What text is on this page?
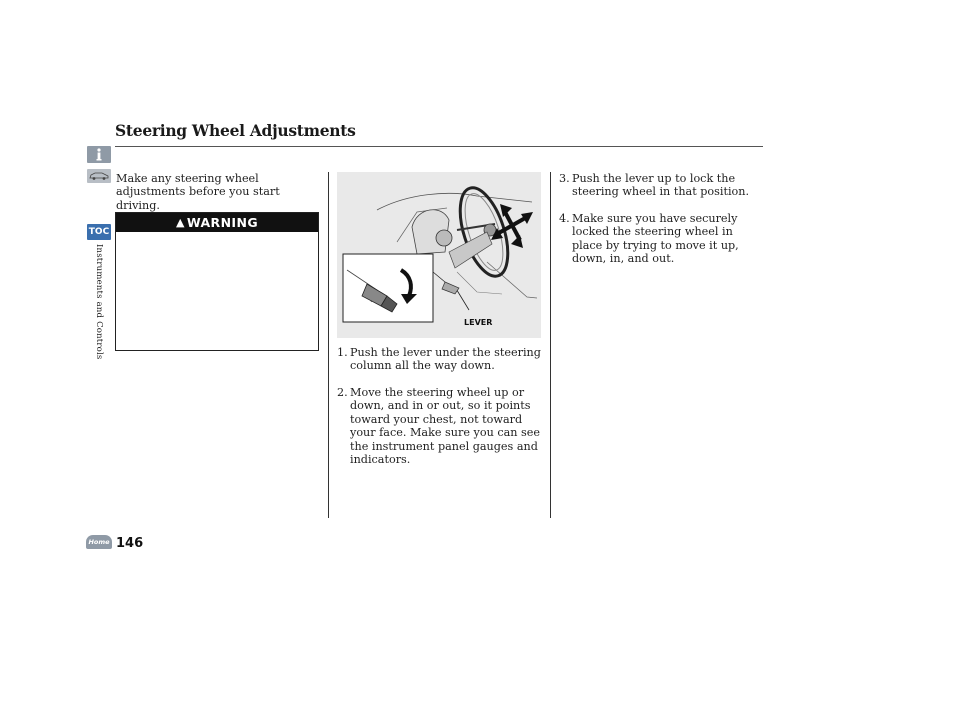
Steering Wheel Adjustments
TOC
Instruments and Controls
Make any steering wheel adjustments before you start driving.
▲ WARNING
LEVER
1. Push the lever under the steering column all the way down.
2. Move the steering wheel up or down, and in or out, so it points toward your chest, not toward your face. Make sure you can see the instrument panel gauges and indicators.
3. Push the lever up to lock the steering wheel in that position.
4. Make sure you have securely locked the steering wheel in place by trying to move it up, down, in, and out.
Home 146
